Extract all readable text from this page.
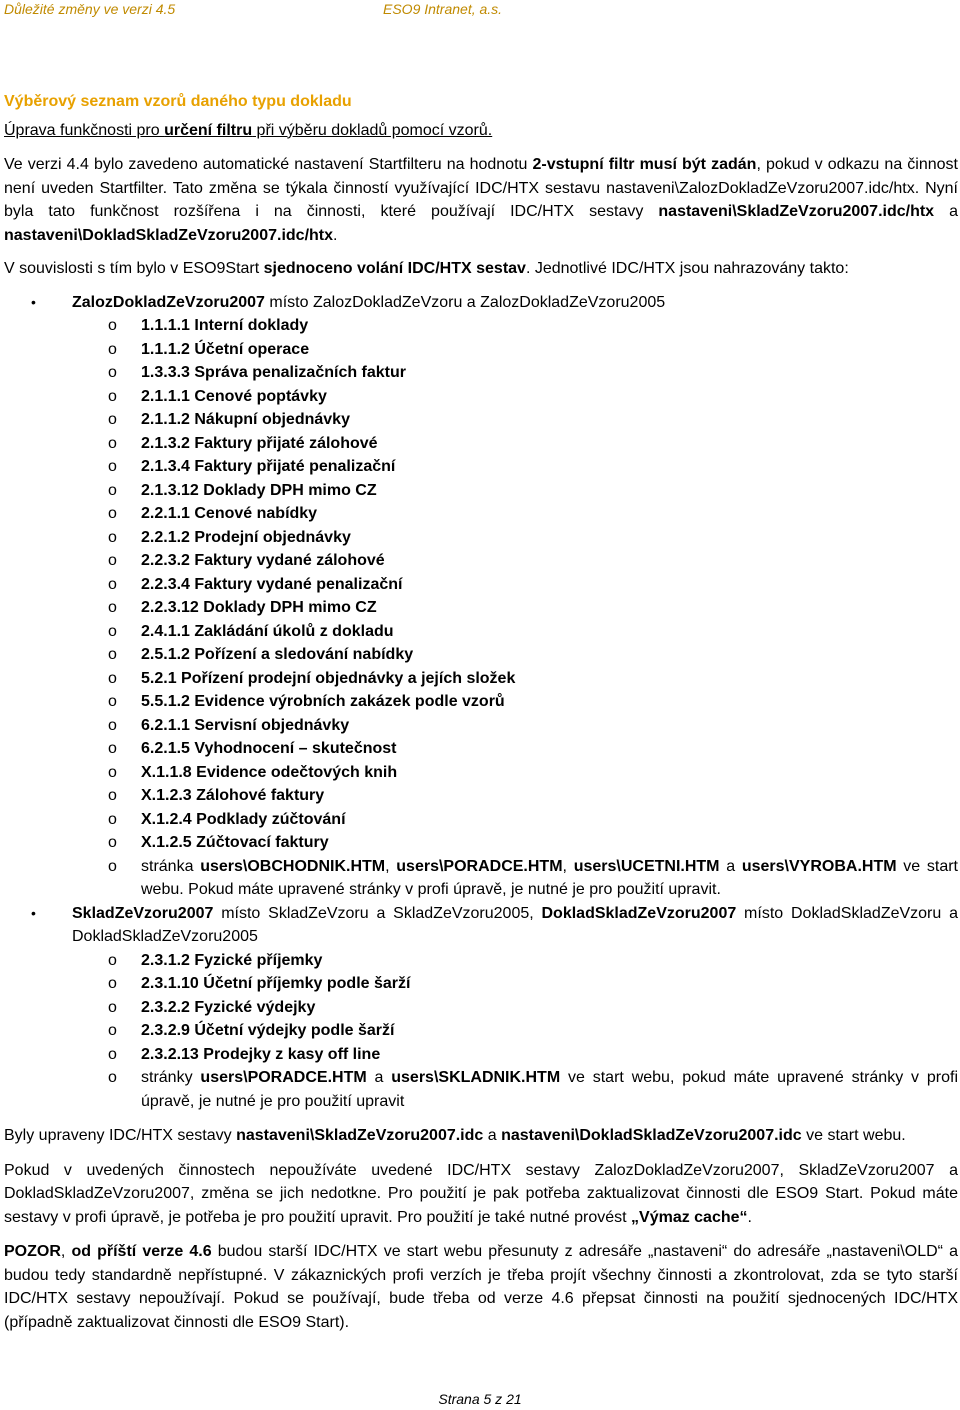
Důležité změny ve verzi 4.5	ESO9 Intranet, a.s.

Výběrový seznam vzorů daného typu dokladu

Úprava funkčnosti pro určení filtru při výběru dokladů pomocí vzorů.

Ve verzi 4.4 bylo zavedeno automatické nastavení Startfilteru na hodnotu 2-vstupní filtr musí být zadán, pokud v odkazu na činnost není uveden Startfilter. Tato změna se týkala činností využívající IDC/HTX sestavu nastaveni\ZalozDokladZeVzoru2007.idc/htx. Nyní byla tato funkčnost rozšířena i na činnosti, které používají IDC/HTX sestavy nastaveni\SkladZeVzoru2007.idc/htx a nastaveni\DokladSkladZeVzoru2007.idc/htx.

V souvislosti s tím bylo v ESO9Start sjednoceno volání IDC/HTX sestav. Jednotlivé IDC/HTX jsou nahrazovány takto:

• ZalozDokladZeVzoru2007 místo ZalozDokladZeVzoru a ZalozDokladZeVzoru2005
o 1.1.1.1 Interní doklady
o 1.1.1.2 Účetní operace
o 1.3.3.3 Správa penalizačních faktur
o 2.1.1.1 Cenové poptávky
o 2.1.1.2 Nákupní objednávky
o 2.1.3.2 Faktury přijaté zálohové
o 2.1.3.4 Faktury přijaté penalizační
o 2.1.3.12 Doklady DPH mimo CZ
o 2.2.1.1 Cenové nabídky
o 2.2.1.2 Prodejní objednávky
o 2.2.3.2 Faktury vydané zálohové
o 2.2.3.4 Faktury vydané penalizační
o 2.2.3.12 Doklady DPH mimo CZ
o 2.4.1.1 Zakládání úkolů z dokladu
o 2.5.1.2 Pořízení a sledování nabídky
o 5.2.1 Pořízení prodejní objednávky a jejích složek
o 5.5.1.2 Evidence výrobních zakázek podle vzorů
o 6.2.1.1 Servisní objednávky
o 6.2.1.5 Vyhodnocení – skutečnost
o X.1.1.8 Evidence odečtových knih
o X.1.2.3 Zálohové faktury
o X.1.2.4 Podklady zúčtování
o X.1.2.5 Zúčtovací faktury
o stránka users\OBCHODNIK.HTM, users\PORADCE.HTM, users\UCETNI.HTM a users\VYROBA.HTM ve start webu. Pokud máte upravené stránky v profi úpravě, je nutné je pro použití upravit.
• SkladZeVzoru2007 místo SkladZeVzoru a SkladZeVzoru2005, DokladSkladZeVzoru2007 místo DokladSkladZeVzoru a DokladSkladZeVzoru2005
o 2.3.1.2 Fyzické příjemky
o 2.3.1.10 Účetní příjemky podle šarží
o 2.3.2.2 Fyzické výdejky
o 2.3.2.9 Účetní výdejky podle šarží
o 2.3.2.13 Prodejky z kasy off line
o stránky users\PORADCE.HTM a users\SKLADNIK.HTM ve start webu, pokud máte upravené stránky v profi úpravě, je nutné je pro použití upravit

Byly upraveny IDC/HTX sestavy nastaveni\SkladZeVzoru2007.idc a nastaveni\DokladSkladZeVzoru2007.idc ve start webu.

Pokud v uvedených činnostech nepoužíváte uvedené IDC/HTX sestavy ZalozDokladZeVzoru2007, SkladZeVzoru2007 a DokladSkladZeVzoru2007, změna se jich nedotkne. Pro použití je pak potřeba zaktualizovat činnosti dle ESO9 Start. Pokud máte sestavy v profi úpravě, je potřeba je pro použití upravit. Pro použití je také nutné provést „Výmaz cache“.

POZOR, od příští verze 4.6 budou starší IDC/HTX ve start webu přesunuty z adresáře „nastaveni“ do adresáře „nastaveni\OLD“ a budou tedy standardně nepřístupné. V zákaznických profi verzích je třeba projít všechny činnosti a zkontrolovat, zda se tyto starší IDC/HTX sestavy nepoužívají. Pokud se používají, bude třeba od verze 4.6 přepsat činnosti na použití sjednocených IDC/HTX (případně zaktualizovat činnosti dle ESO9 Start).

Strana 5 z 21
